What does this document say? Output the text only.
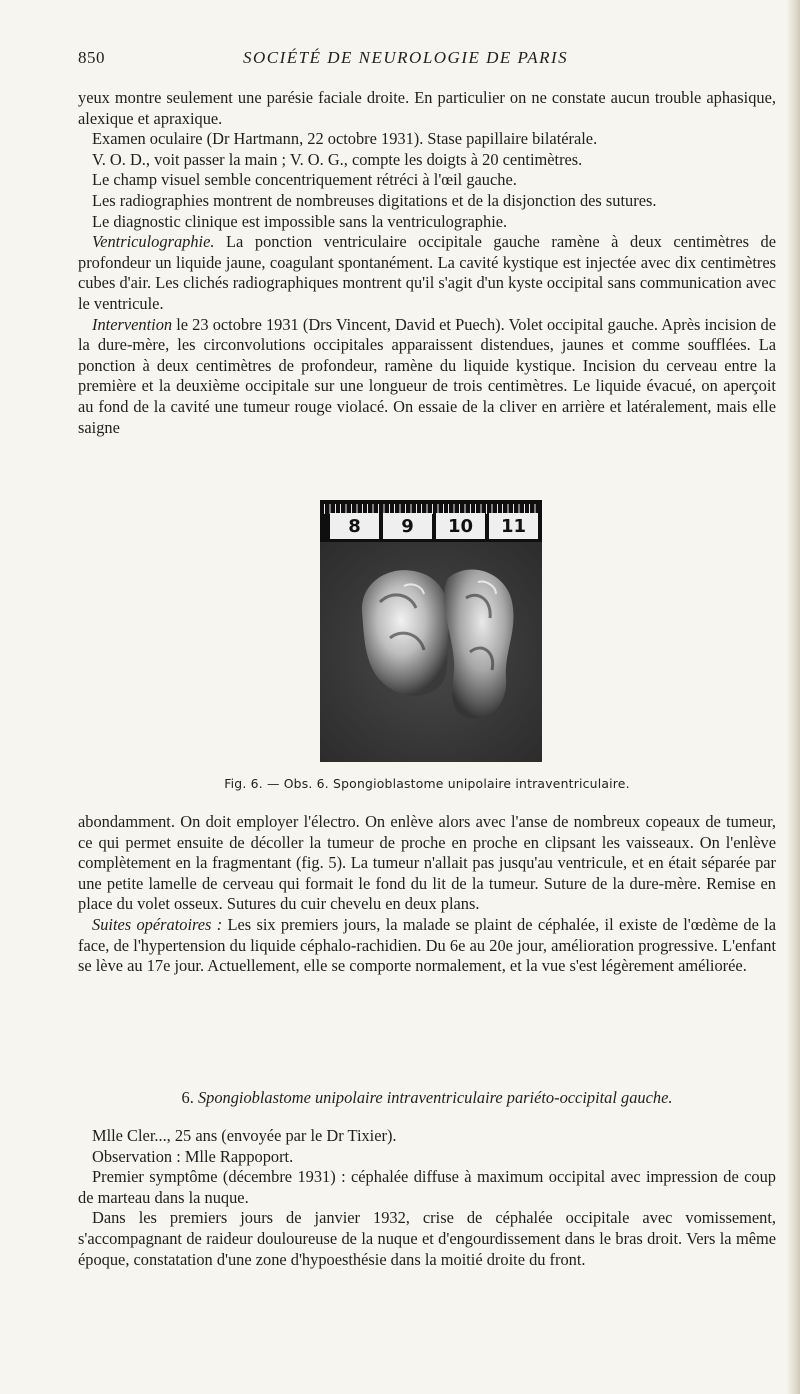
850	SOCIÉTÉ DE NEUROLOGIE DE PARIS

yeux montre seulement une parésie faciale droite. En particulier on ne constate aucun trouble aphasique, alexique et apraxique.

Examen oculaire (Dr Hartmann, 22 octobre 1931). Stase papillaire bilatérale.

V. O. D., voit passer la main ; V. O. G., compte les doigts à 20 centimètres.

Le champ visuel semble concentriquement rétréci à l'œil gauche.

Les radiographies montrent de nombreuses digitations et de la disjonction des sutures.

Le diagnostic clinique est impossible sans la ventriculographie.

Ventriculographie. La ponction ventriculaire occipitale gauche ramène à deux centimètres de profondeur un liquide jaune, coagulant spontanément. La cavité kystique est injectée avec dix centimètres cubes d'air. Les clichés radiographiques montrent qu'il s'agit d'un kyste occipital sans communication avec le ventricule.

Intervention le 23 octobre 1931 (Drs Vincent, David et Puech). Volet occipital gauche. Après incision de la dure-mère, les circonvolutions occipitales apparaissent distendues, jaunes et comme soufflées. La ponction à deux centimètres de profondeur, ramène du liquide kystique. Incision du cerveau entre la première et la deuxième occipitale sur une longueur de trois centimètres. Le liquide évacué, on aperçoit au fond de la cavité une tumeur rouge violacé. On essaie de la cliver en arrière et latéralement, mais elle saigne

8	9	10	11
Fig. 6. — Obs. 6. Spongioblastome unipolaire intraventriculaire.

abondamment. On doit employer l'électro. On enlève alors avec l'anse de nombreux copeaux de tumeur, ce qui permet ensuite de décoller la tumeur de proche en proche en clipsant les vaisseaux. On l'enlève complètement en la fragmentant (fig. 5). La tumeur n'allait pas jusqu'au ventricule, et en était séparée par une petite lamelle de cerveau qui formait le fond du lit de la tumeur. Suture de la dure-mère. Remise en place du volet osseux. Sutures du cuir chevelu en deux plans.

Suites opératoires : Les six premiers jours, la malade se plaint de céphalée, il existe de l'œdème de la face, de l'hypertension du liquide céphalo-rachidien. Du 6e au 20e jour, amélioration progressive. L'enfant se lève au 17e jour. Actuellement, elle se comporte normalement, et la vue s'est légèrement améliorée.

6. Spongioblastome unipolaire intraventriculaire pariéto-occipital gauche.

Mlle Cler..., 25 ans (envoyée par le Dr Tixier).

Observation : Mlle Rappoport.

Premier symptôme (décembre 1931) : céphalée diffuse à maximum occipital avec impression de coup de marteau dans la nuque.

Dans les premiers jours de janvier 1932, crise de céphalée occipitale avec vomissement, s'accompagnant de raideur douloureuse de la nuque et d'engourdissement dans le bras droit. Vers la même époque, constatation d'une zone d'hypoesthésie dans la moitié droite du front.
